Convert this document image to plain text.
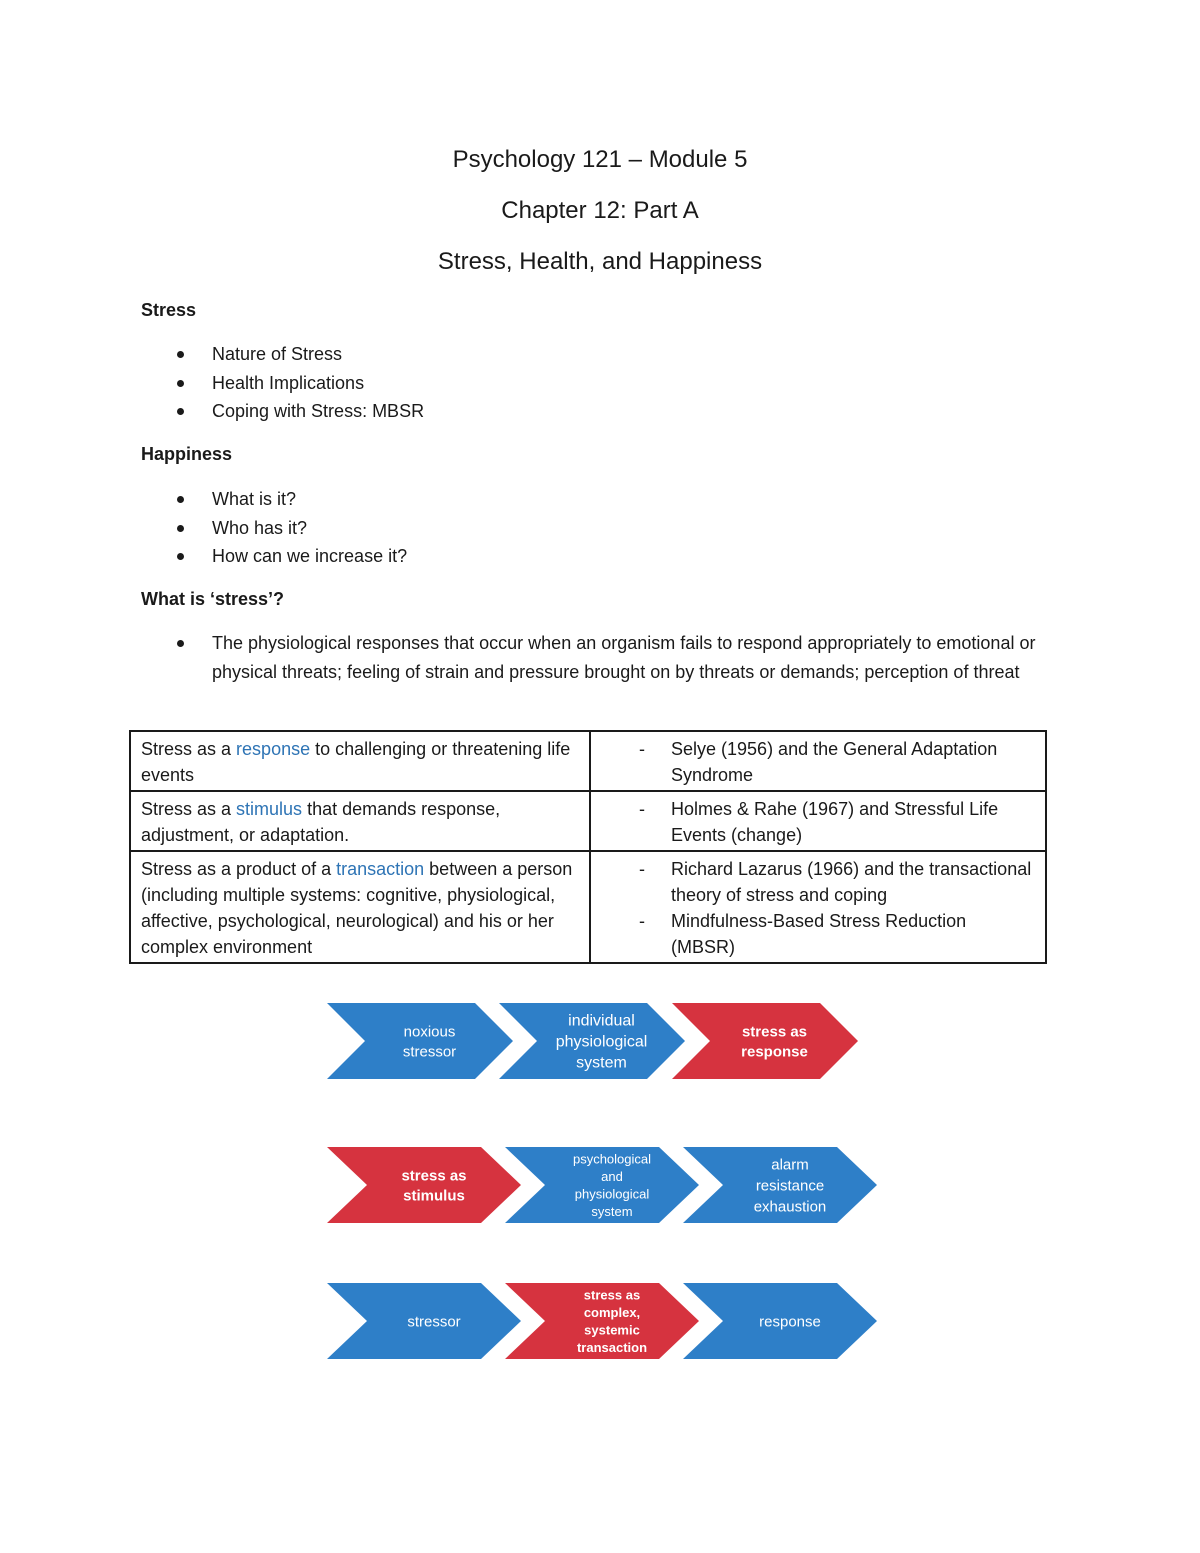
Psychology 121 – Module 5
Chapter 12: Part A
Stress, Health, and Happiness
Stress
Nature of Stress
Health Implications
Coping with Stress: MBSR
Happiness
What is it?
Who has it?
How can we increase it?
What is ‘stress’?
The physiological responses that occur when an organism fails to respond appropriately to emotional or physical threats; feeling of strain and pressure brought on by threats or demands; perception of threat
Stress as a response to challenging or threatening life events	- Selye (1956) and the General Adaptation Syndrome

Stress as a stimulus that demands response, adjustment, or adaptation.	- Holmes & Rahe (1967) and Stressful Life Events (change)

Stress as a product of a transaction between a person (including multiple systems: cognitive, physiological, affective, psychological, neurological) and his or her complex environment	- Richard Lazarus (1966) and the transactional theory of stress and coping
- Mindfulness-Based Stress Reduction (MBSR)
noxious
stressor
individual
physiological
system
stress as
response
stress as
stimulus
psychological
and
physiological
system
alarm
resistance
exhaustion
stressor
stress as
complex,
systemic
transaction
response
